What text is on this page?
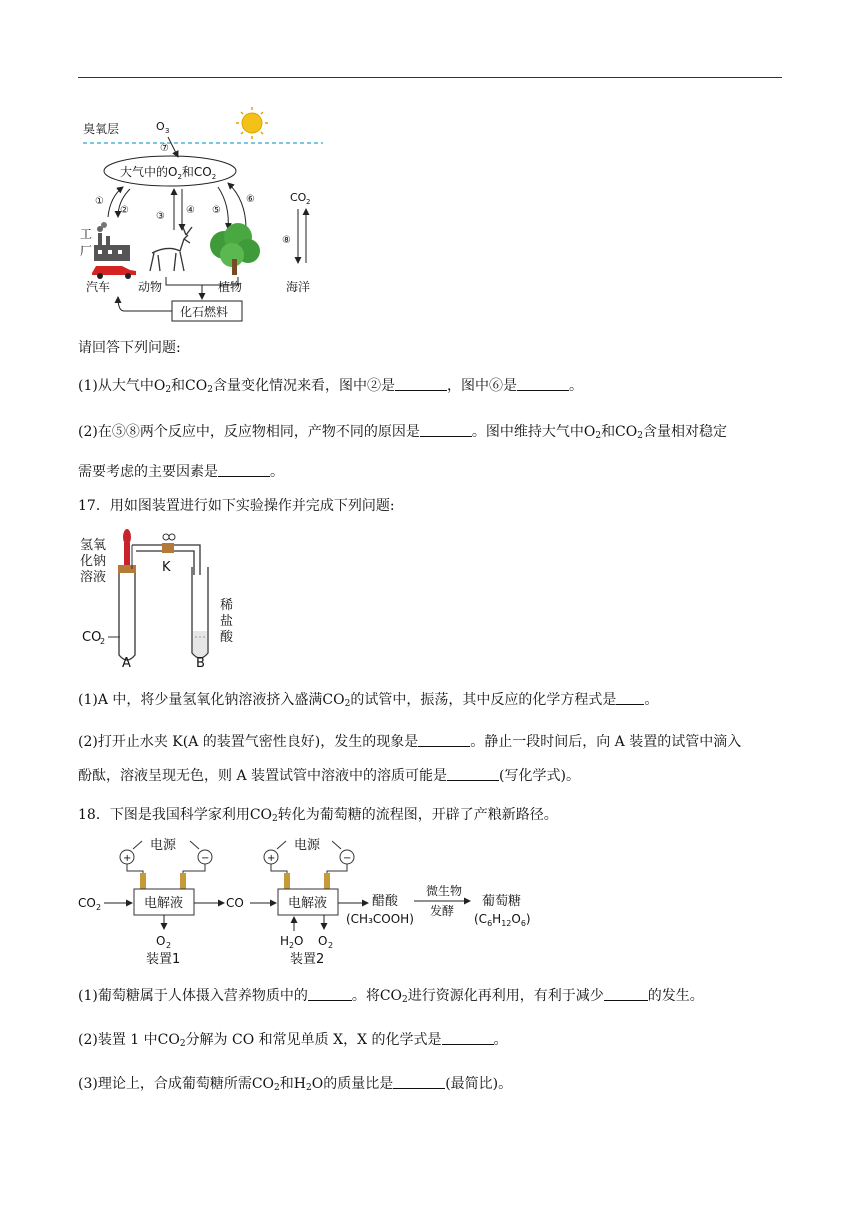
臭氧层	O 3
⑦
大气中的$O_2$和$CO_2$
①
②
③
④ ⑤
⑥	CO 2
⑧
工
厂
汽车 动物	植物	海洋
化石燃料
请回答下列问题:
(1)从大气中$O_2$和$CO_2$含量变化情况来看，图中②是	，图中⑥是	。
(2)在⑤⑧两个反应中，反应物相同，产物不同的原因是	。图中维持大气中$O_2$和$CO_2$含量相对稳定
需要考虑的主要因素是	。
17．用如图装置进行如下实验操作并完成下列问题:
氢氧
化钠
溶液
K
稀
盐
酸
CO
2
A	B
(1)A 中，将少量氢氧化钠溶液挤入盛满$CO_2$的试管中，振荡，其中反应的化学方程式是 。
(2)打开止水夹 K(A 的装置气密性良好)，发生的现象是	。静止一段时间后，向 A 装置的试管中滴入
酚酞，溶液呈现无色，则 A 装置试管中溶液中的溶质可能是	(写化学式)。
18．下图是我国科学家利用$CO_2$转化为葡萄糖的流程图，开辟了产粮新路径。
+	−
电源
电解液
CO 2
O 2
装置1
CO
+	−
电源
电解液
H 2 O O 2
装置2
醋酸
(CH₃COOH)
微生物
发酵
葡萄糖
$(C_6H_{12}O_6)$
(1)葡萄糖属于人体摄入营养物质中的	。将$CO_2$进行资源化再利用，有利于减少	的发生。
(2)装置 1 中$CO_2$分解为 CO 和常见单质 X，X 的化学式是	。
(3)理论上，合成葡萄糖所需$CO_2$和$H_2O$的质量比是	(最简比)。
